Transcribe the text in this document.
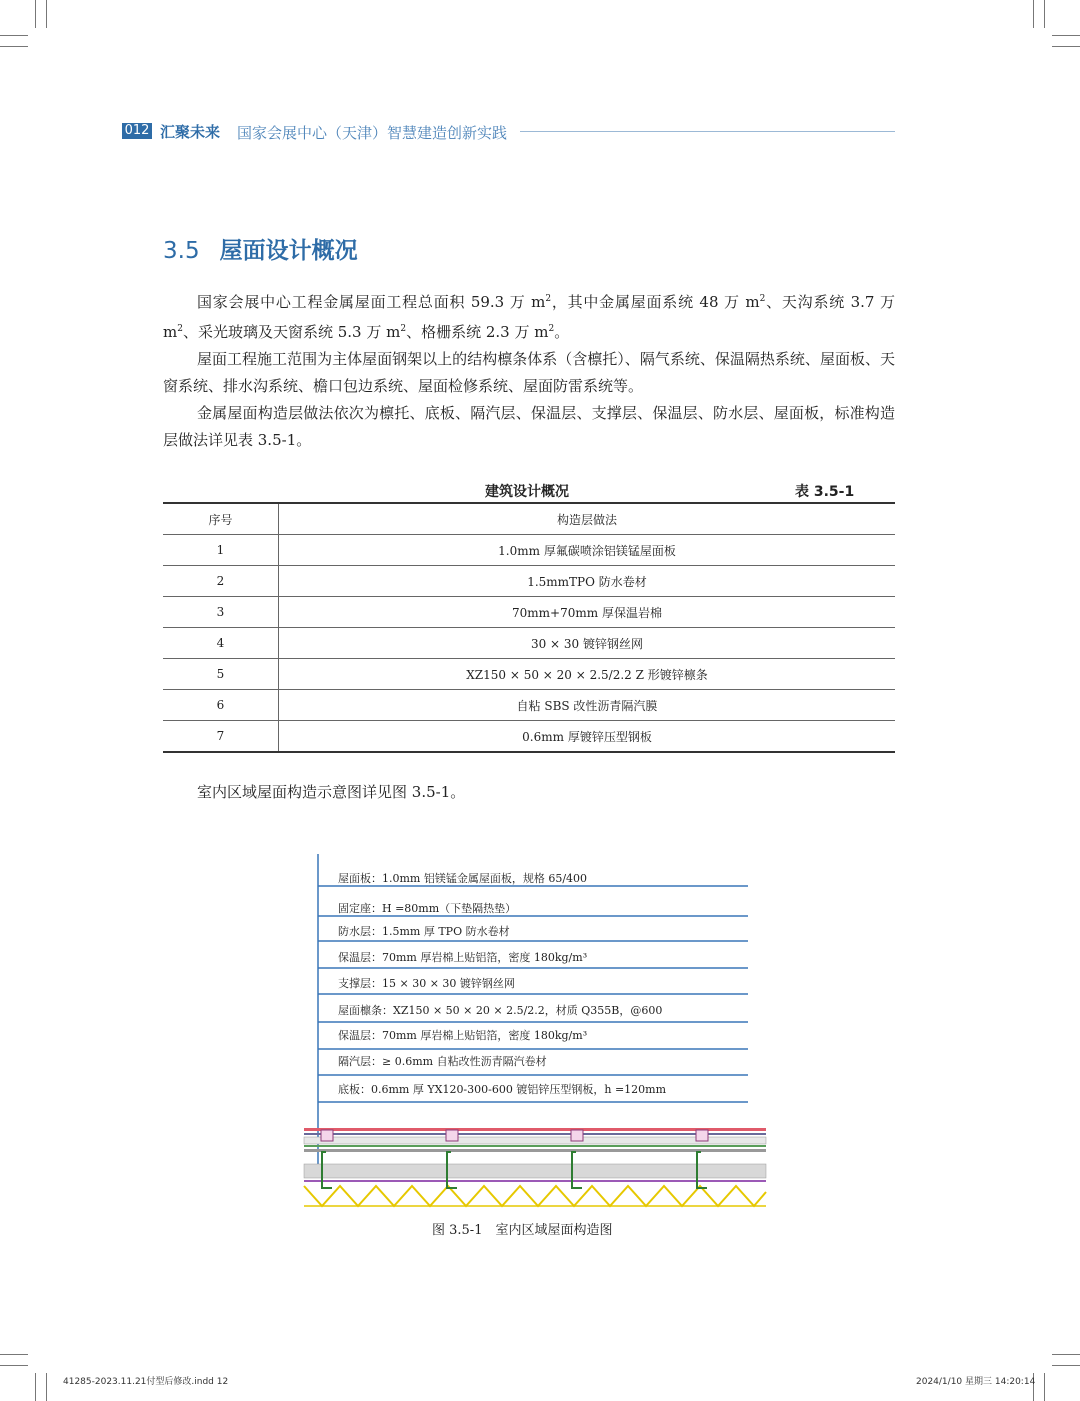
012 汇聚未来 国家会展中心（天津）智慧建造创新实践
3.5 屋面设计概况

国家会展中心工程金属屋面工程总面积 59.3 万 $m^2$，其中金属屋面系统 48 万 $m^2$、天沟系统 3.7 万 $m^2$、采光玻璃及天窗系统 5.3 万 $m^2$、格栅系统 2.3 万 $m^2$。

屋面工程施工范围为主体屋面钢架以上的结构檩条体系（含檩托）、隔气系统、保温隔热系统、屋面板、天窗系统、排水沟系统、檐口包边系统、屋面检修系统、屋面防雷系统等。

金属屋面构造层做法依次为檩托、底板、隔汽层、保温层、支撑层、保温层、防水层、屋面板，标准构造层做法详见表 3.5-1。

建筑设计概况	表 3.5-1
序号	构造层做法
1	1.0mm 厚氟碳喷涂铝镁锰屋面板
2	1.5mmTPO 防水卷材
3	70mm+70mm 厚保温岩棉
4	30 × 30 镀锌钢丝网
5	XZ150 × 50 × 20 × 2.5/2.2 Z 形镀锌檩条
6	自粘 SBS 改性沥青隔汽膜
7	0.6mm 厚镀锌压型钢板
室内区域屋面构造示意图详见图 3.5-1。
屋面板：1.0mm 铝镁锰金属屋面板，规格 65/400
固定座：H =80mm（下垫隔热垫）
防水层：1.5mm 厚 TPO 防水卷材
保温层：70mm 厚岩棉上贴铝箔，密度 180kg/m³
支撑层：15 × 30 × 30 镀锌钢丝网
屋面檩条：XZ150 × 50 × 20 × 2.5/2.2，材质 Q355B，@600
保温层：70mm 厚岩棉上贴铝箔，密度 180kg/m³
隔汽层：≥ 0.6mm 自粘改性沥青隔汽卷材
底板：0.6mm 厚 YX120-300-600 镀铝锌压型钢板，h =120mm
图 3.5-1　室内区域屋面构造图
41285-2023.11.21付型后修改.indd 12	2024/1/10 星期三 14:20:14
